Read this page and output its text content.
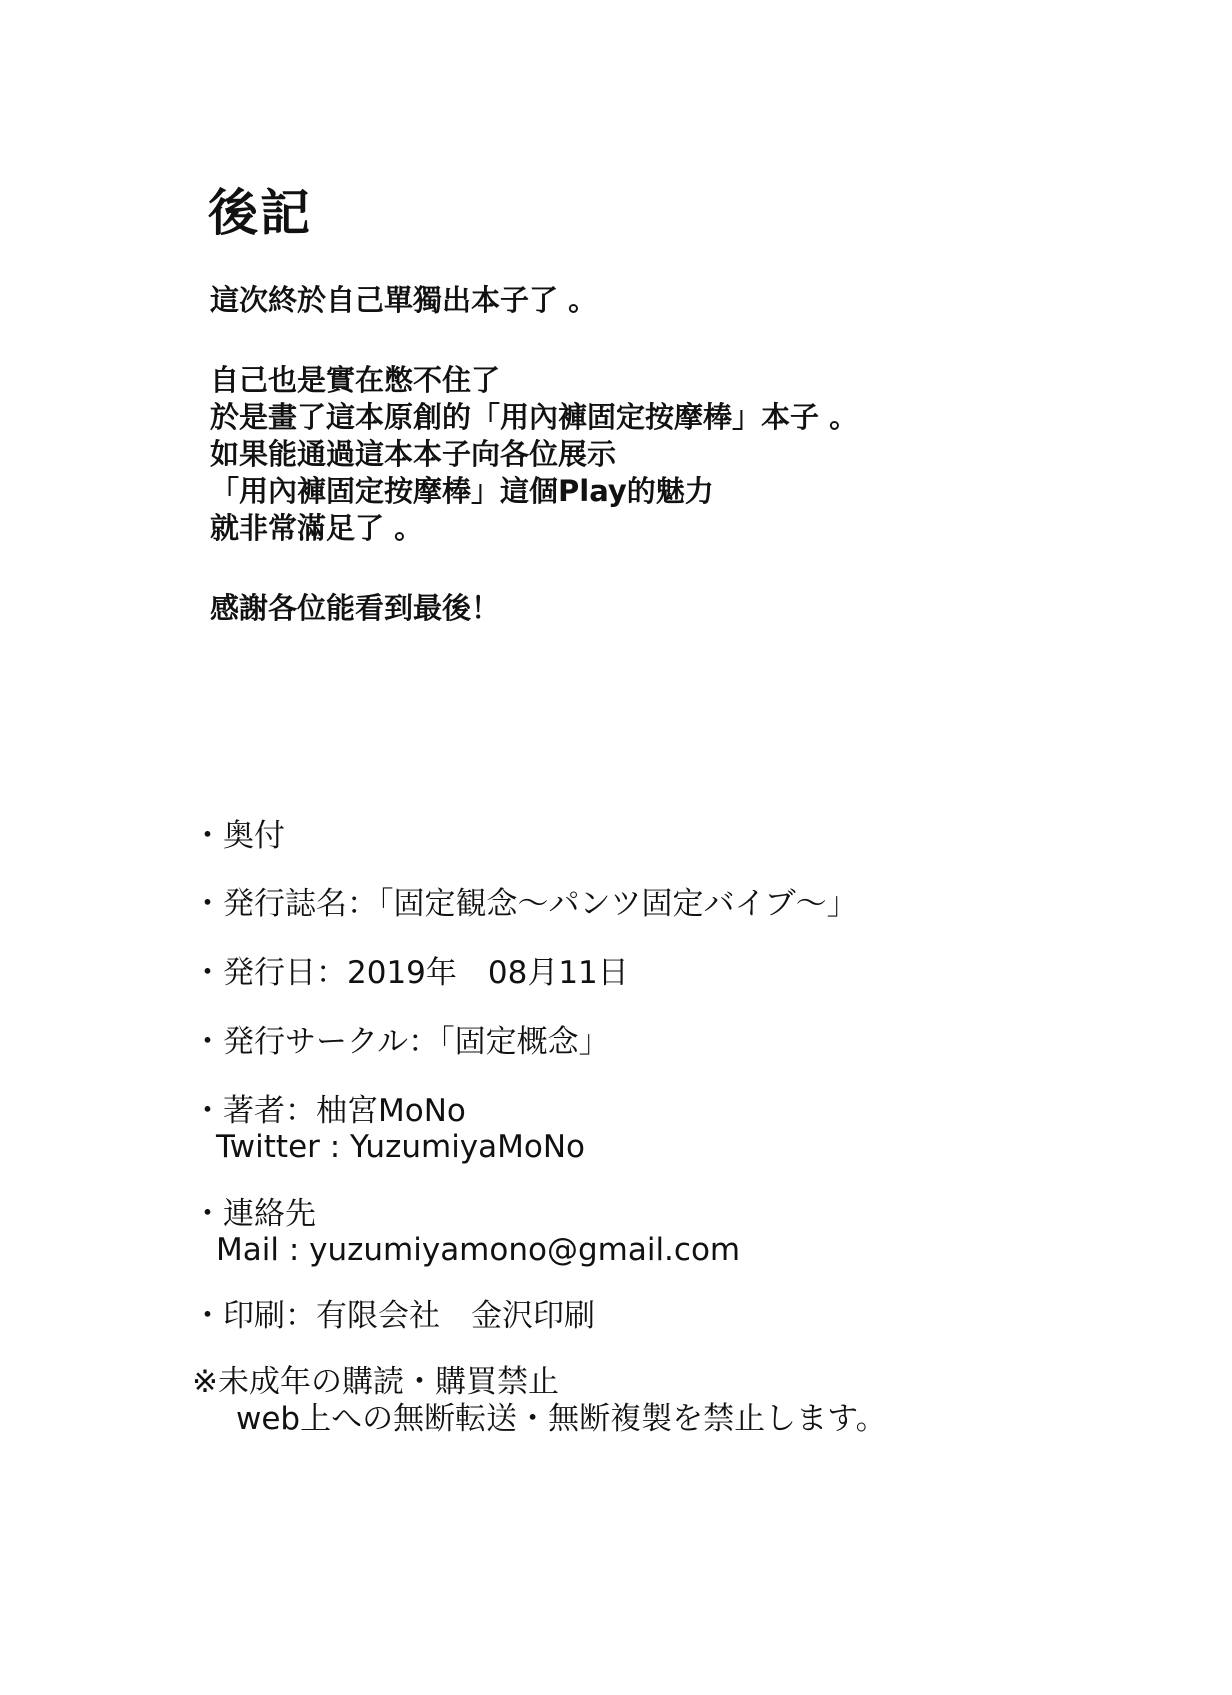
後記
這次終於自己單獨出本子了 。
自己也是實在憋不住了
於是畫了這本原創的「用內褲固定按摩棒」本子 。
如果能通過這本本子向各位展示
「用內褲固定按摩棒」這個Play的魅力
就非常滿足了 。
感謝各位能看到最後！
・奥付
・発行誌名：「固定観念～パンツ固定バイブ～」
・発行日：2019年　08月11日
・発行サークル：「固定概念」
・著者：柚宮MoNo
Twitter : YuzumiyaMoNo
・連絡先
Mail : yuzumiyamono@gmail.com
・印刷：有限会社　金沢印刷
※未成年の購読・購買禁止
web上への無断転送・無断複製を禁止します。
